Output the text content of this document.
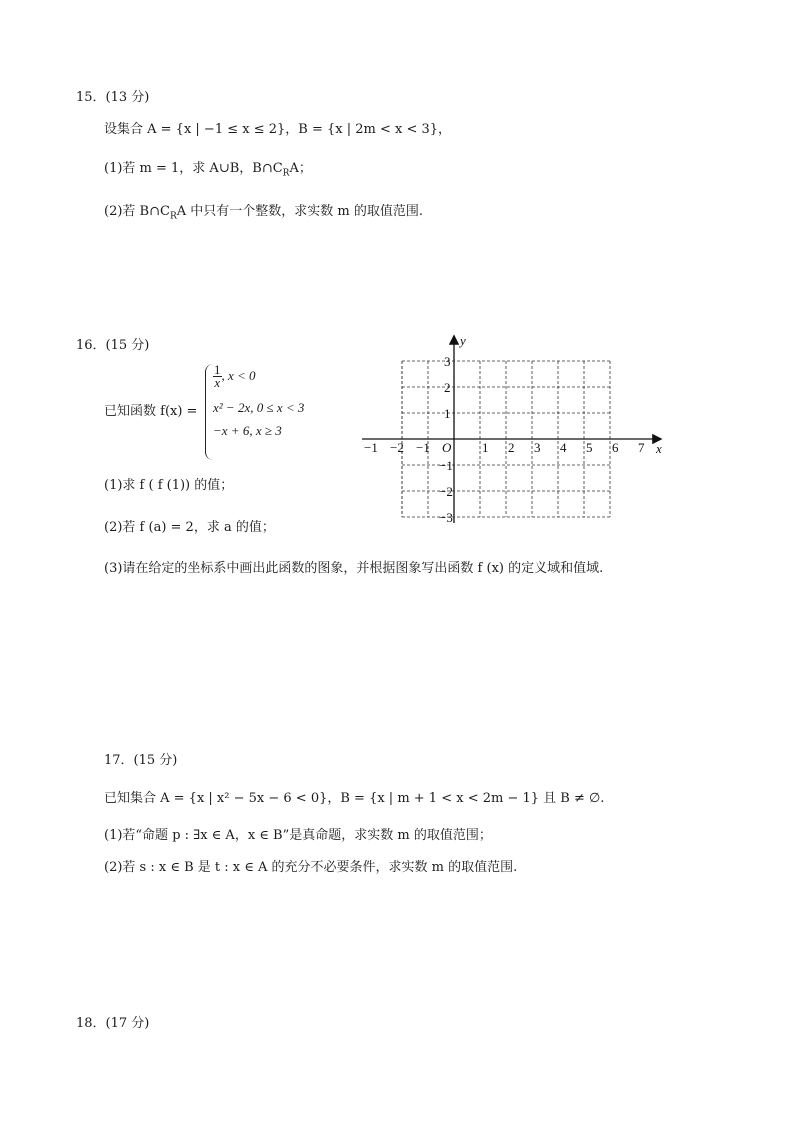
15．(13 分)
设集合 A = {x | −1 ≤ x ≤ 2}，B = {x | 2m < x < 3}，
(1)若 m = 1，求 A∪B，$B\cap C_RA$；
(2)若 $B\cap C_RA$ 中只有一个整数，求实数 m 的取值范围.
16．(15 分)
已知函数 f(x) =
$\frac{1}{x}$ , x < 0
x² − 2x, 0 ≤ x < 3
−x + 6, x ≥ 3
(1)求 f ( f (1)) 的值；
(2)若 f (a) = 2，求 a 的值；
(3)请在给定的坐标系中画出此函数的图象，并根据图象写出函数 f (x) 的定义域和值域.
−1 −2 −1	1 2 3 4 5 6 7
3
2
1
−1
−2
−3
O	x
y
17．(15 分)
已知集合 A = {x | x² − 5x − 6 < 0}，B = {x | m + 1 < x < 2m − 1} 且 B ≠ ∅.
(1)若“命题 p : ∃x ∈ A，x ∈ B”是真命题，求实数 m 的取值范围；
(2)若 s : x ∈ B 是 t : x ∈ A 的充分不必要条件，求实数 m 的取值范围.
18．(17 分)
